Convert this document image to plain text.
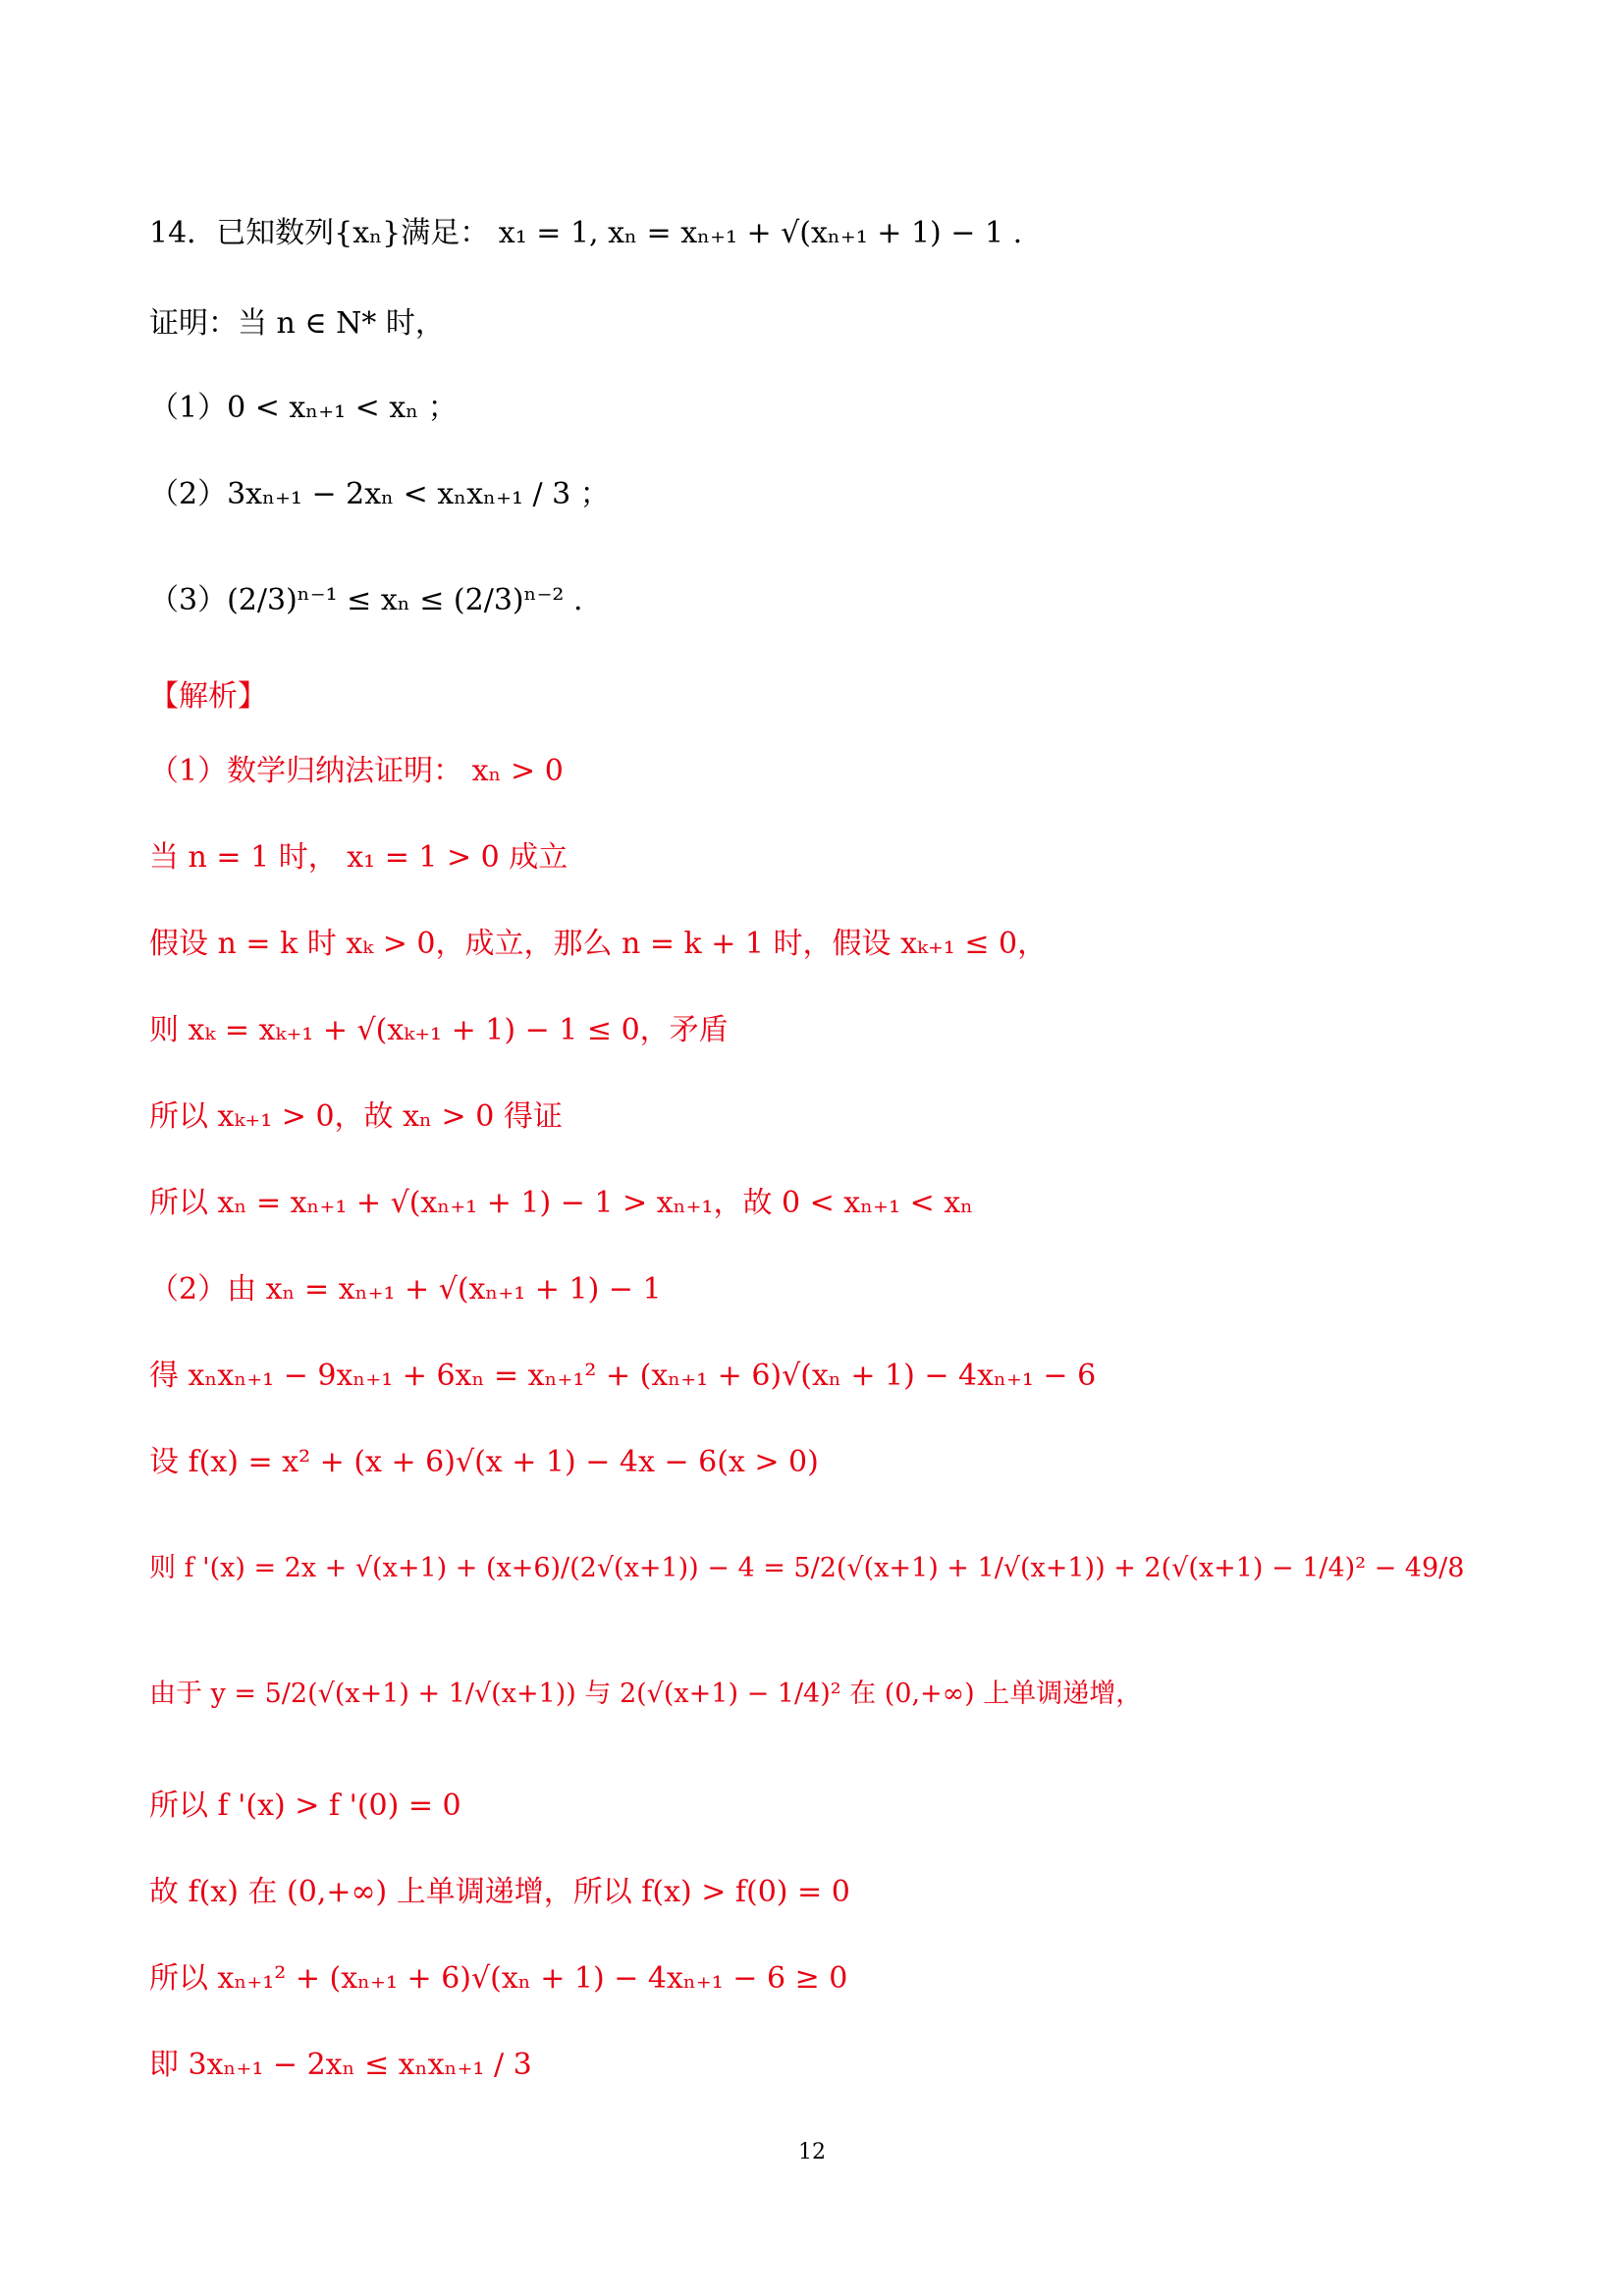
14．已知数列{xₙ}满足： x₁ = 1, xₙ = xₙ₊₁ + √(xₙ₊₁ + 1) − 1 .
证明：当 n ∈ N* 时，
（1）0 < xₙ₊₁ < xₙ ；
（2）3xₙ₊₁ − 2xₙ < xₙxₙ₊₁ / 3 ；
（3）(2/3)ⁿ⁻¹ ≤ xₙ ≤ (2/3)ⁿ⁻² .
【解析】
（1）数学归纳法证明： xₙ > 0
当 n = 1 时， x₁ = 1 > 0 成立
假设 n = k 时 xₖ > 0，成立，那么 n = k + 1 时，假设 xₖ₊₁ ≤ 0，
则 xₖ = xₖ₊₁ + √(xₖ₊₁ + 1) − 1 ≤ 0，矛盾
所以 xₖ₊₁ > 0，故 xₙ > 0 得证
所以 xₙ = xₙ₊₁ + √(xₙ₊₁ + 1) − 1 > xₙ₊₁，故 0 < xₙ₊₁ < xₙ
（2）由 xₙ = xₙ₊₁ + √(xₙ₊₁ + 1) − 1
得 xₙxₙ₊₁ − 9xₙ₊₁ + 6xₙ = xₙ₊₁² + (xₙ₊₁ + 6)√(xₙ + 1) − 4xₙ₊₁ − 6
设 f(x) = x² + (x + 6)√(x + 1) − 4x − 6(x > 0)
则 f '(x) = 2x + √(x+1) + (x+6)/(2√(x+1)) − 4 = 5/2(√(x+1) + 1/√(x+1)) + 2(√(x+1) − 1/4)² − 49/8
由于 y = 5/2(√(x+1) + 1/√(x+1)) 与 2(√(x+1) − 1/4)² 在 (0,+∞) 上单调递增，
所以 f '(x) > f '(0) = 0
故 f(x) 在 (0,+∞) 上单调递增，所以 f(x) > f(0) = 0
所以 xₙ₊₁² + (xₙ₊₁ + 6)√(xₙ + 1) − 4xₙ₊₁ − 6 ≥ 0
即 3xₙ₊₁ − 2xₙ ≤ xₙxₙ₊₁ / 3
12
